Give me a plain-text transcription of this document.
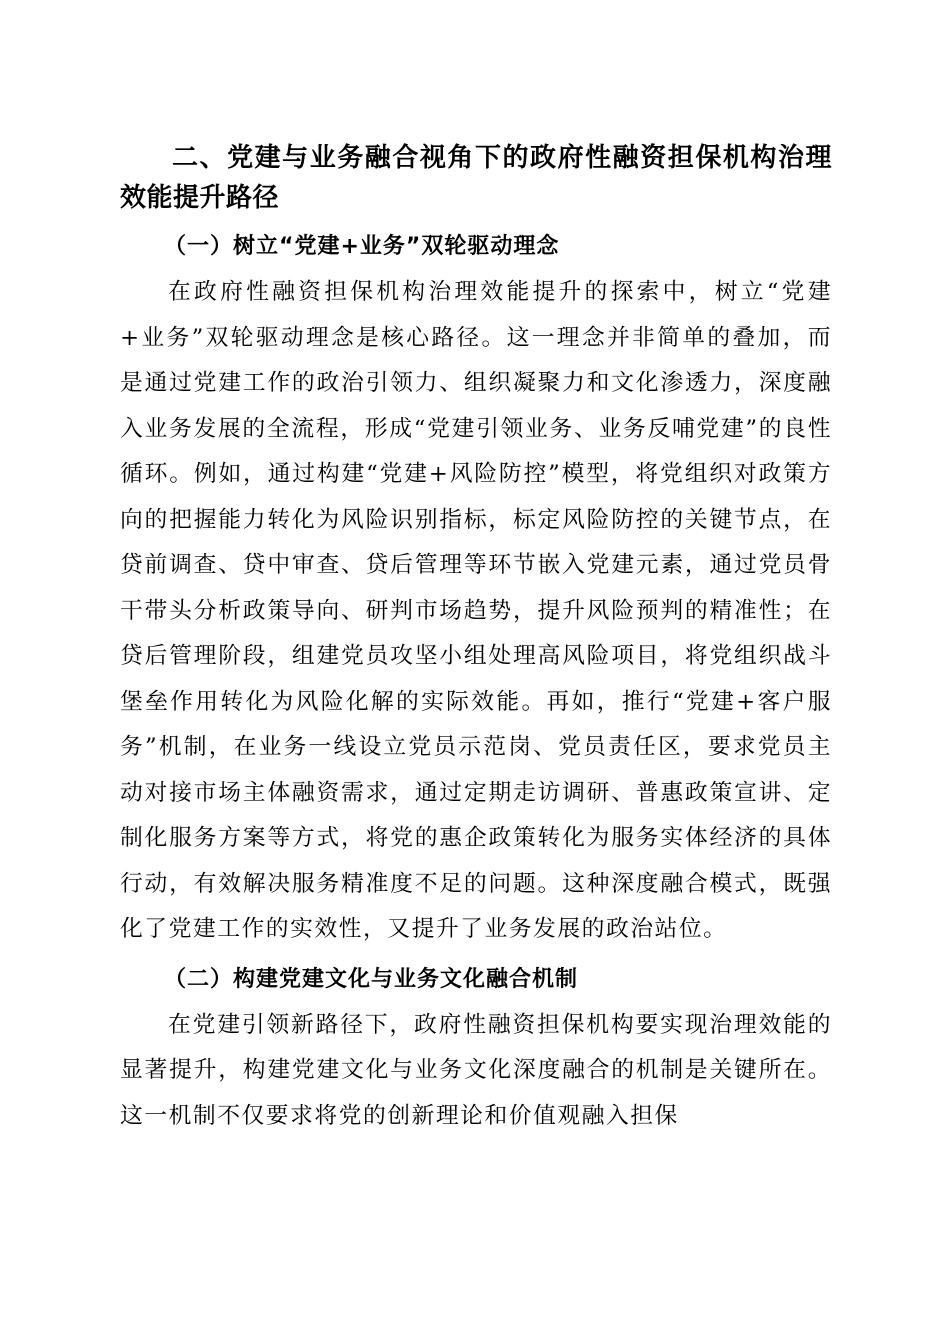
二、党建与业务融合视角下的政府性融资担保机构治理效能提升路径
（一）树立“党建+业务”双轮驱动理念

在政府性融资担保机构治理效能提升的探索中，树立“党建+业务”双轮驱动理念是核心路径。这一理念并非简单的叠加，而是通过党建工作的政治引领力、组织凝聚力和文化渗透力，深度融入业务发展的全流程，形成“党建引领业务、业务反哺党建”的良性循环。例如，通过构建“党建+风险防控”模型，将党组织对政策方向的把握能力转化为风险识别指标，标定风险防控的关键节点，在贷前调查、贷中审查、贷后管理等环节嵌入党建元素，通过党员骨干带头分析政策导向、研判市场趋势，提升风险预判的精准性；在贷后管理阶段，组建党员攻坚小组处理高风险项目，将党组织战斗堡垒作用转化为风险化解的实际效能。再如，推行“党建+客户服务”机制，在业务一线设立党员示范岗、党员责任区，要求党员主动对接市场主体融资需求，通过定期走访调研、普惠政策宣讲、定制化服务方案等方式，将党的惠企政策转化为服务实体经济的具体行动，有效解决服务精准度不足的问题。这种深度融合模式，既强化了党建工作的实效性，又提升了业务发展的政治站位。

（二）构建党建文化与业务文化融合机制

在党建引领新路径下，政府性融资担保机构要实现治理效能的显著提升，构建党建文化与业务文化深度融合的机制是关键所在。这一机制不仅要求将党的创新理论和价值观融入担保
